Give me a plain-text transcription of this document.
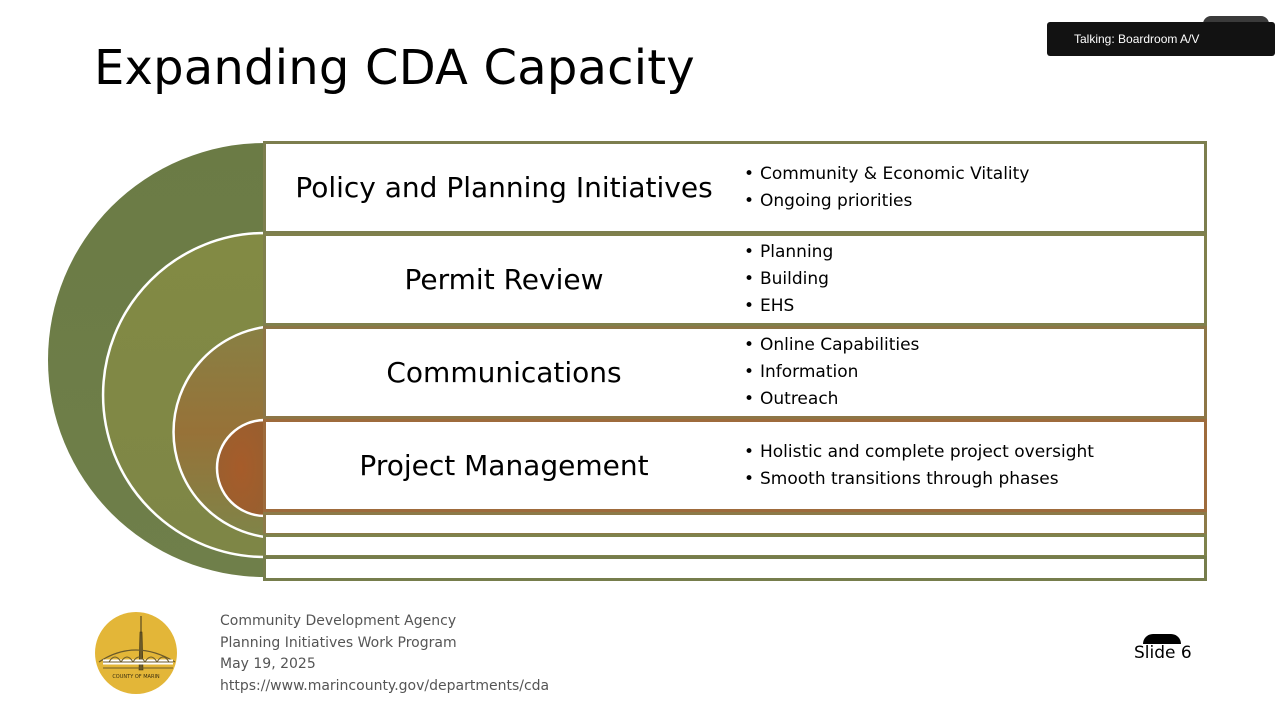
Talking: Boardroom A/V
Expanding CDA Capacity
Policy and Planning Initiatives	• Community & Economic Vitality
• Ongoing priorities
Permit Review
• Planning
• Building
• EHS
Communications
• Online Capabilities
• Information
• Outreach
Project Management	• Holistic and complete project oversight
• Smooth transitions through phases
COUNTY OF MARIN
Community Development Agency
Planning Initiatives Work Program
May 19, 2025
https://www.marincounty.gov/departments/cda
Slide 6
